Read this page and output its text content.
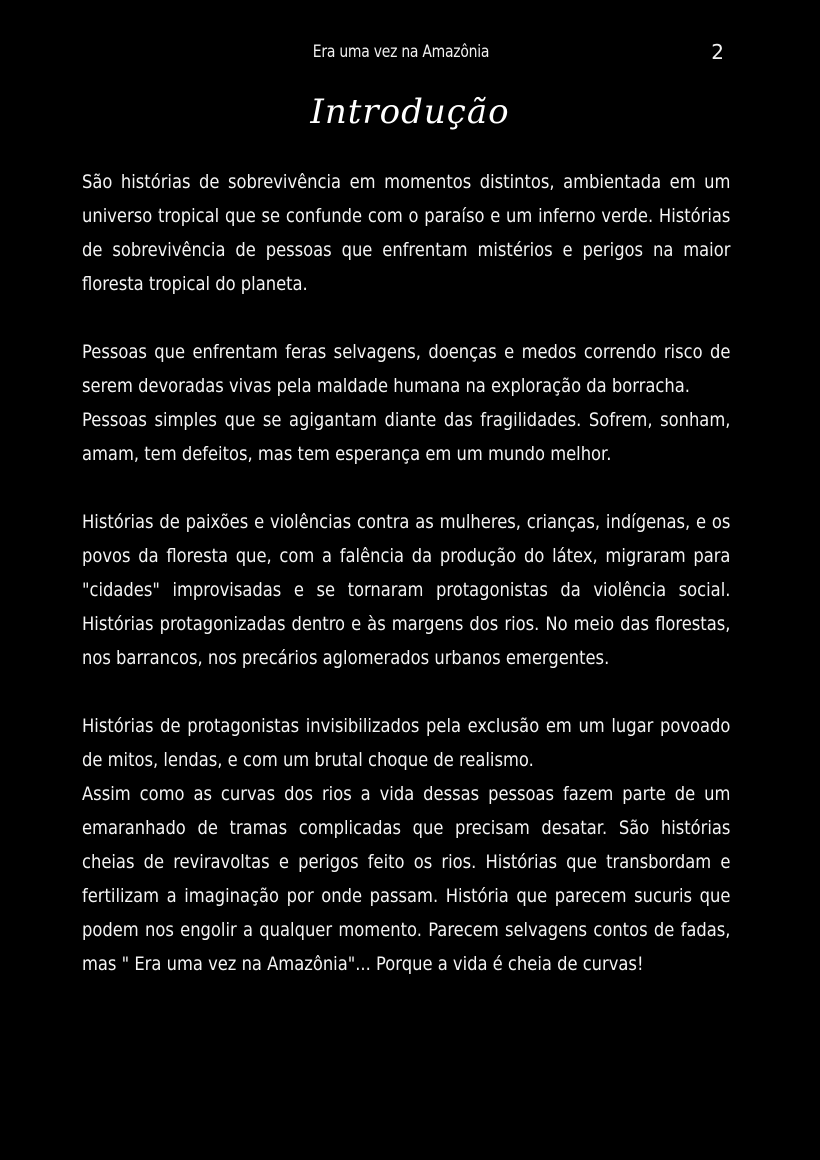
Era uma vez na Amazônia	2
Introdução
São histórias de sobrevivência em momentos distintos, ambientada em um
universo tropical que se confunde com o paraíso e um inferno verde. Histórias
de sobrevivência de pessoas que enfrentam mistérios e perigos na maior
floresta tropical do planeta.
Pessoas que enfrentam feras selvagens, doenças e medos correndo risco de
serem devoradas vivas pela maldade humana na exploração da borracha.
Pessoas simples que se agigantam diante das fragilidades. Sofrem, sonham,
amam, tem defeitos, mas tem esperança em um mundo melhor.
Histórias de paixões e violências contra as mulheres, crianças, indígenas, e os
povos da floresta que, com a falência da produção do látex, migraram para
"cidades" improvisadas e se tornaram protagonistas da violência social.
Histórias protagonizadas dentro e às margens dos rios. No meio das florestas,
nos barrancos, nos precários aglomerados urbanos emergentes.
Histórias de protagonistas invisibilizados pela exclusão em um lugar povoado
de mitos, lendas, e com um brutal choque de realismo.
Assim como as curvas dos rios a vida dessas pessoas fazem parte de um
emaranhado de tramas complicadas que precisam desatar. São histórias
cheias de reviravoltas e perigos feito os rios. Histórias que transbordam e
fertilizam a imaginação por onde passam. História que parecem sucuris que
podem nos engolir a qualquer momento. Parecem selvagens contos de fadas,
mas " Era uma vez na Amazônia"... Porque a vida é cheia de curvas!
